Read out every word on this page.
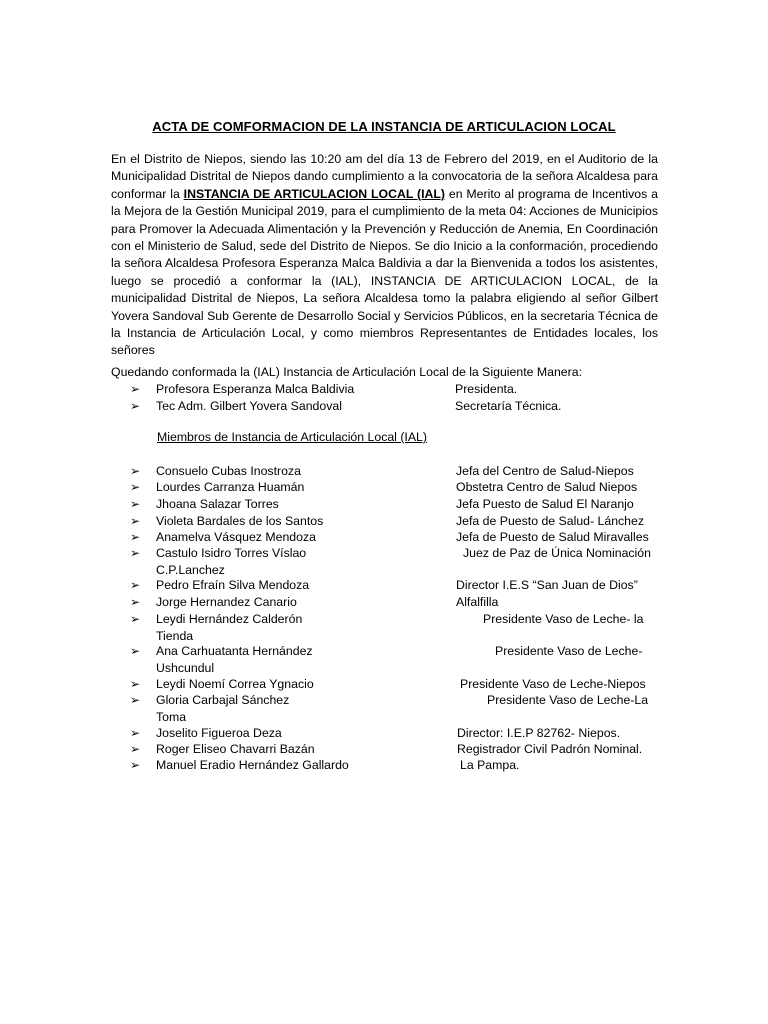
ACTA DE COMFORMACION DE LA INSTANCIA DE ARTICULACION LOCAL
En el Distrito de Niepos, siendo las 10:20 am del día 13 de Febrero del 2019, en el Auditorio de la Municipalidad Distrital de Niepos dando cumplimiento a la convocatoria de la señora Alcaldesa para conformar la INSTANCIA DE ARTICULACION LOCAL (IAL) en Merito al programa de Incentivos a la Mejora de la Gestión Municipal 2019, para el cumplimiento de la meta 04: Acciones de Municipios para Promover la Adecuada Alimentación y la Prevención y Reducción de Anemia, En Coordinación con el Ministerio de Salud, sede del Distrito de Niepos. Se dio Inicio a la conformación, procediendo la señora Alcaldesa Profesora Esperanza Malca Baldivia a dar la Bienvenida a todos los asistentes, luego se procedió a conformar la (IAL), INSTANCIA DE ARTICULACION LOCAL, de la municipalidad Distrital de Niepos, La señora Alcaldesa tomo la palabra eligiendo al señor Gilbert Yovera Sandoval Sub Gerente de Desarrollo Social y Servicios Públicos, en la secretaria Técnica de la Instancia de Articulación Local, y como miembros Representantes de Entidades locales, los señores
Quedando conformada la (IAL) Instancia de Articulación Local de la Siguiente Manera:
➢ Profesora Esperanza Malca Baldivia	Presidenta.
➢ Tec Adm. Gilbert Yovera Sandoval	Secretaría Técnica.
Miembros de Instancia de Articulación Local (IAL)
➢ Consuelo Cubas Inostroza	Jefa del Centro de Salud-Niepos
➢ Lourdes Carranza Huamán	Obstetra Centro de Salud Niepos
➢ Jhoana Salazar Torres	Jefa Puesto de Salud El Naranjo
➢ Violeta Bardales de los Santos	Jefa de Puesto de Salud- Lánchez
➢ Anamelva Vásquez Mendoza	Jefa de Puesto de Salud Miravalles
➢ Castulo Isidro Torres Víslao	Juez de Paz de Única Nominación
C.P.Lanchez
➢ Pedro Efraín Silva Mendoza	Director I.E.S “San Juan de Dios”
➢ Jorge Hernandez Canario	Alfalfilla
➢ Leydi Hernández Calderón	Presidente Vaso de Leche- la
Tienda
➢ Ana Carhuatanta Hernández	Presidente Vaso de Leche-
Ushcundul
➢ Leydi Noemí Correa Ygnacio	Presidente Vaso de Leche-Niepos
➢ Gloria Carbajal Sánchez	Presidente Vaso de Leche-La
Toma
➢ Joselito Figueroa Deza	Director: I.E.P 82762- Niepos.
➢ Roger Eliseo Chavarri Bazán	Registrador Civil Padrón Nominal.
➢ Manuel Eradio Hernández Gallardo	La Pampa.
